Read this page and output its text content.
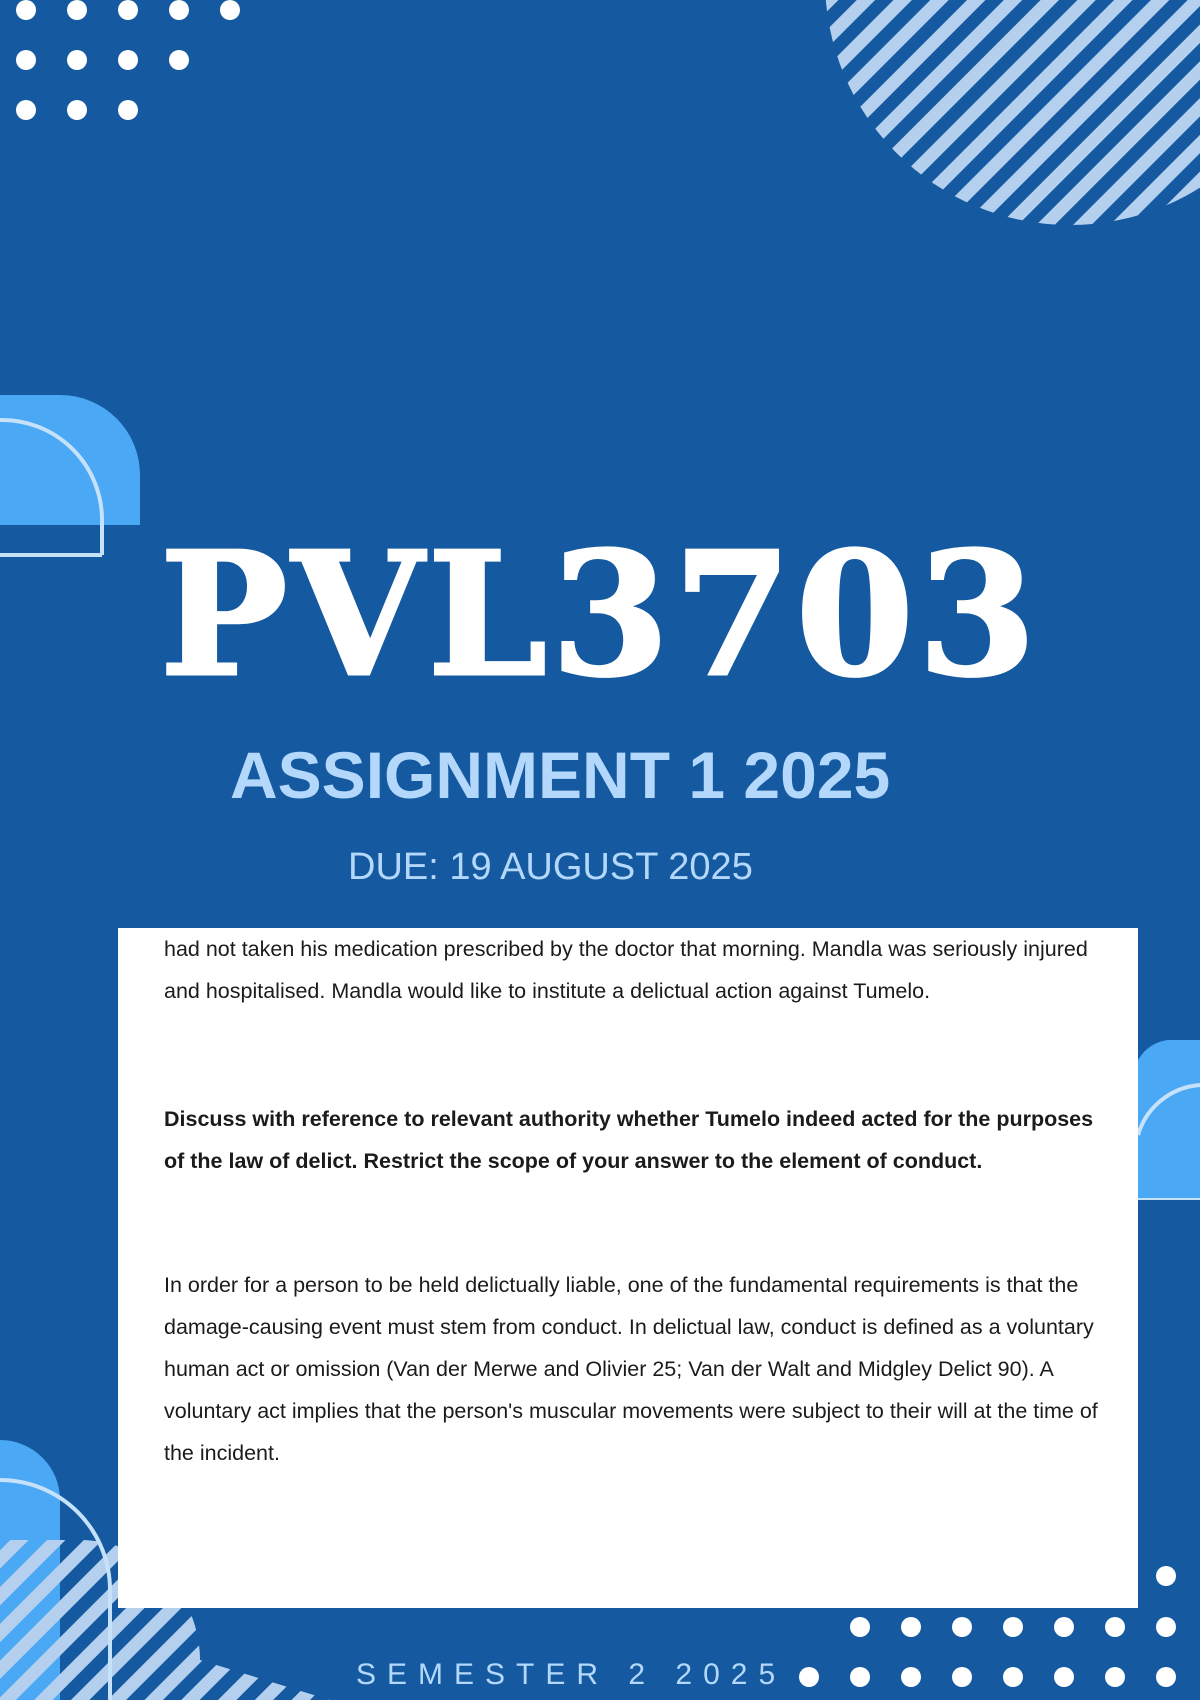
PVL3703
ASSIGNMENT 1 2025
DUE: 19 AUGUST 2025

had not taken his medication prescribed by the doctor that morning. Mandla was seriously injured and hospitalised. Mandla would like to institute a delictual action against Tumelo.

Discuss with reference to relevant authority whether Tumelo indeed acted for the purposes of the law of delict. Restrict the scope of your answer to the element of conduct.

In order for a person to be held delictually liable, one of the fundamental requirements is that the damage-causing event must stem from conduct. In delictual law, conduct is defined as a voluntary human act or omission (Van der Merwe and Olivier 25; Van der Walt and Midgley Delict 90). A voluntary act implies that the person's muscular movements were subject to their will at the time of the incident.

SEMESTER 2 2025
